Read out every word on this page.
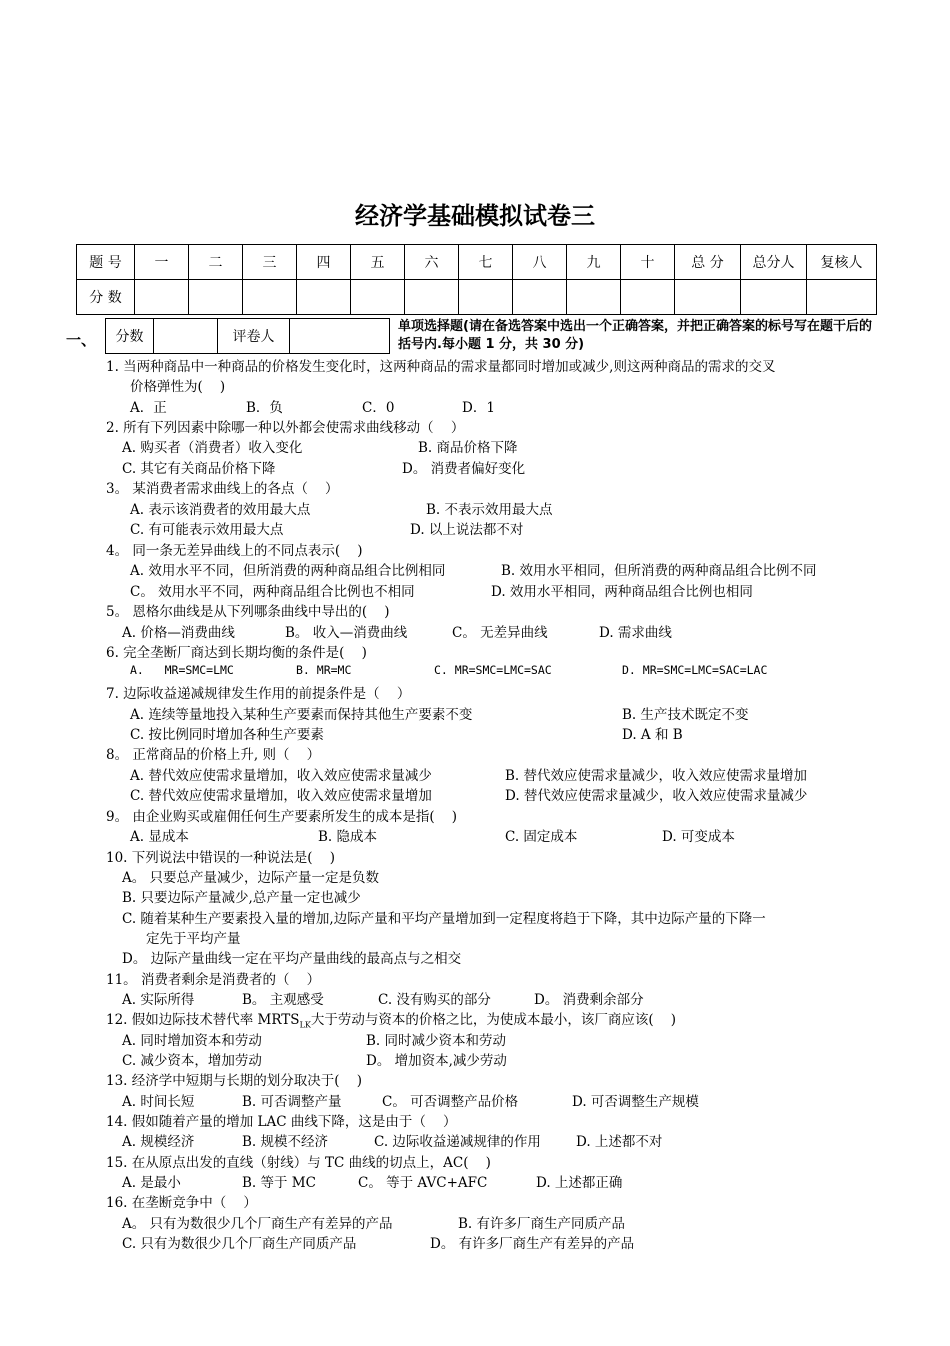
经济学基础模拟试卷三
题 号	一	二	三	四	五	六	七	八	九	十	总 分	总分人	复核人
分 数													
一、 分数		评卷人	
单项选择题(请在备选答案中选出一个正确答案，并把正确答案的标号写在题干后的括号内.每小题 1 分，共 30 分)
1. 当两种商品中一种商品的价格发生变化时，这两种商品的需求量都同时增加或减少,则这两种商品的需求的交叉
价格弹性为(    )
A．正	B．负	C．0	D．1
2. 所有下列因素中除哪一种以外都会使需求曲线移动（    ）
A. 购买者（消费者）收入变化	B. 商品价格下降
C. 其它有关商品价格下降	D。 消费者偏好变化
3。 某消费者需求曲线上的各点（    ）
A. 表示该消费者的效用最大点	B. 不表示效用最大点
C. 有可能表示效用最大点	D. 以上说法都不对
4。 同一条无差异曲线上的不同点表示(    )
A. 效用水平不同，但所消费的两种商品组合比例相同	B. 效用水平相同，但所消费的两种商品组合比例不同
C。 效用水平不同，两种商品组合比例也不相同	D. 效用水平相同，两种商品组合比例也相同
5。 恩格尔曲线是从下列哪条曲线中导出的(    )
A. 价格—消费曲线	B。 收入—消费曲线	C。 无差异曲线	D. 需求曲线
6. 完全垄断厂商达到长期均衡的条件是(    )
A.   MR=SMC=LMC	B. MR=MC	C. MR=SMC=LMC=SAC	D. MR=SMC=LMC=SAC=LAC
7. 边际收益递减规律发生作用的前提条件是（    ）
A. 连续等量地投入某种生产要素而保持其他生产要素不变	B. 生产技术既定不变
C. 按比例同时增加各种生产要素	D. A 和 B
8。 正常商品的价格上升, 则（    ）
A. 替代效应使需求量增加，收入效应使需求量减少	B. 替代效应使需求量减少，收入效应使需求量增加
C. 替代效应使需求量增加，收入效应使需求量增加	D. 替代效应使需求量减少，收入效应使需求量减少
9。 由企业购买或雇佣任何生产要素所发生的成本是指(    )
A. 显成本	B. 隐成本	C. 固定成本	D. 可变成本
10. 下列说法中错误的一种说法是(    )
A。 只要总产量减少，边际产量一定是负数
B. 只要边际产量减少,总产量一定也减少
C. 随着某种生产要素投入量的增加,边际产量和平均产量增加到一定程度将趋于下降，其中边际产量的下降一
定先于平均产量
D。 边际产量曲线一定在平均产量曲线的最高点与之相交
11。 消费者剩余是消费者的（    ）
A. 实际所得	B。 主观感受	C. 没有购买的部分	D。 消费剩余部分
12. 假如边际技术替代率 $MRTS_{LK}$大于劳动与资本的价格之比，为使成本最小，该厂商应该(    )
A. 同时增加资本和劳动	B. 同时减少资本和劳动
C. 减少资本，增加劳动	D。 增加资本,减少劳动
13. 经济学中短期与长期的划分取决于(    )
A. 时间长短	B. 可否调整产量	C。 可否调整产品价格	D. 可否调整生产规模
14. 假如随着产量的增加 LAC 曲线下降，这是由于（    ）
A. 规模经济	B. 规模不经济	C. 边际收益递减规律的作用	D. 上述都不对
15. 在从原点出发的直线（射线）与 TC 曲线的切点上，AC(    )
A. 是最小	B. 等于 MC	C。 等于 AVC+AFC	D. 上述都正确
16. 在垄断竞争中（    ）
A。 只有为数很少几个厂商生产有差异的产品	B. 有许多厂商生产同质产品
C. 只有为数很少几个厂商生产同质产品	D。 有许多厂商生产有差异的产品
